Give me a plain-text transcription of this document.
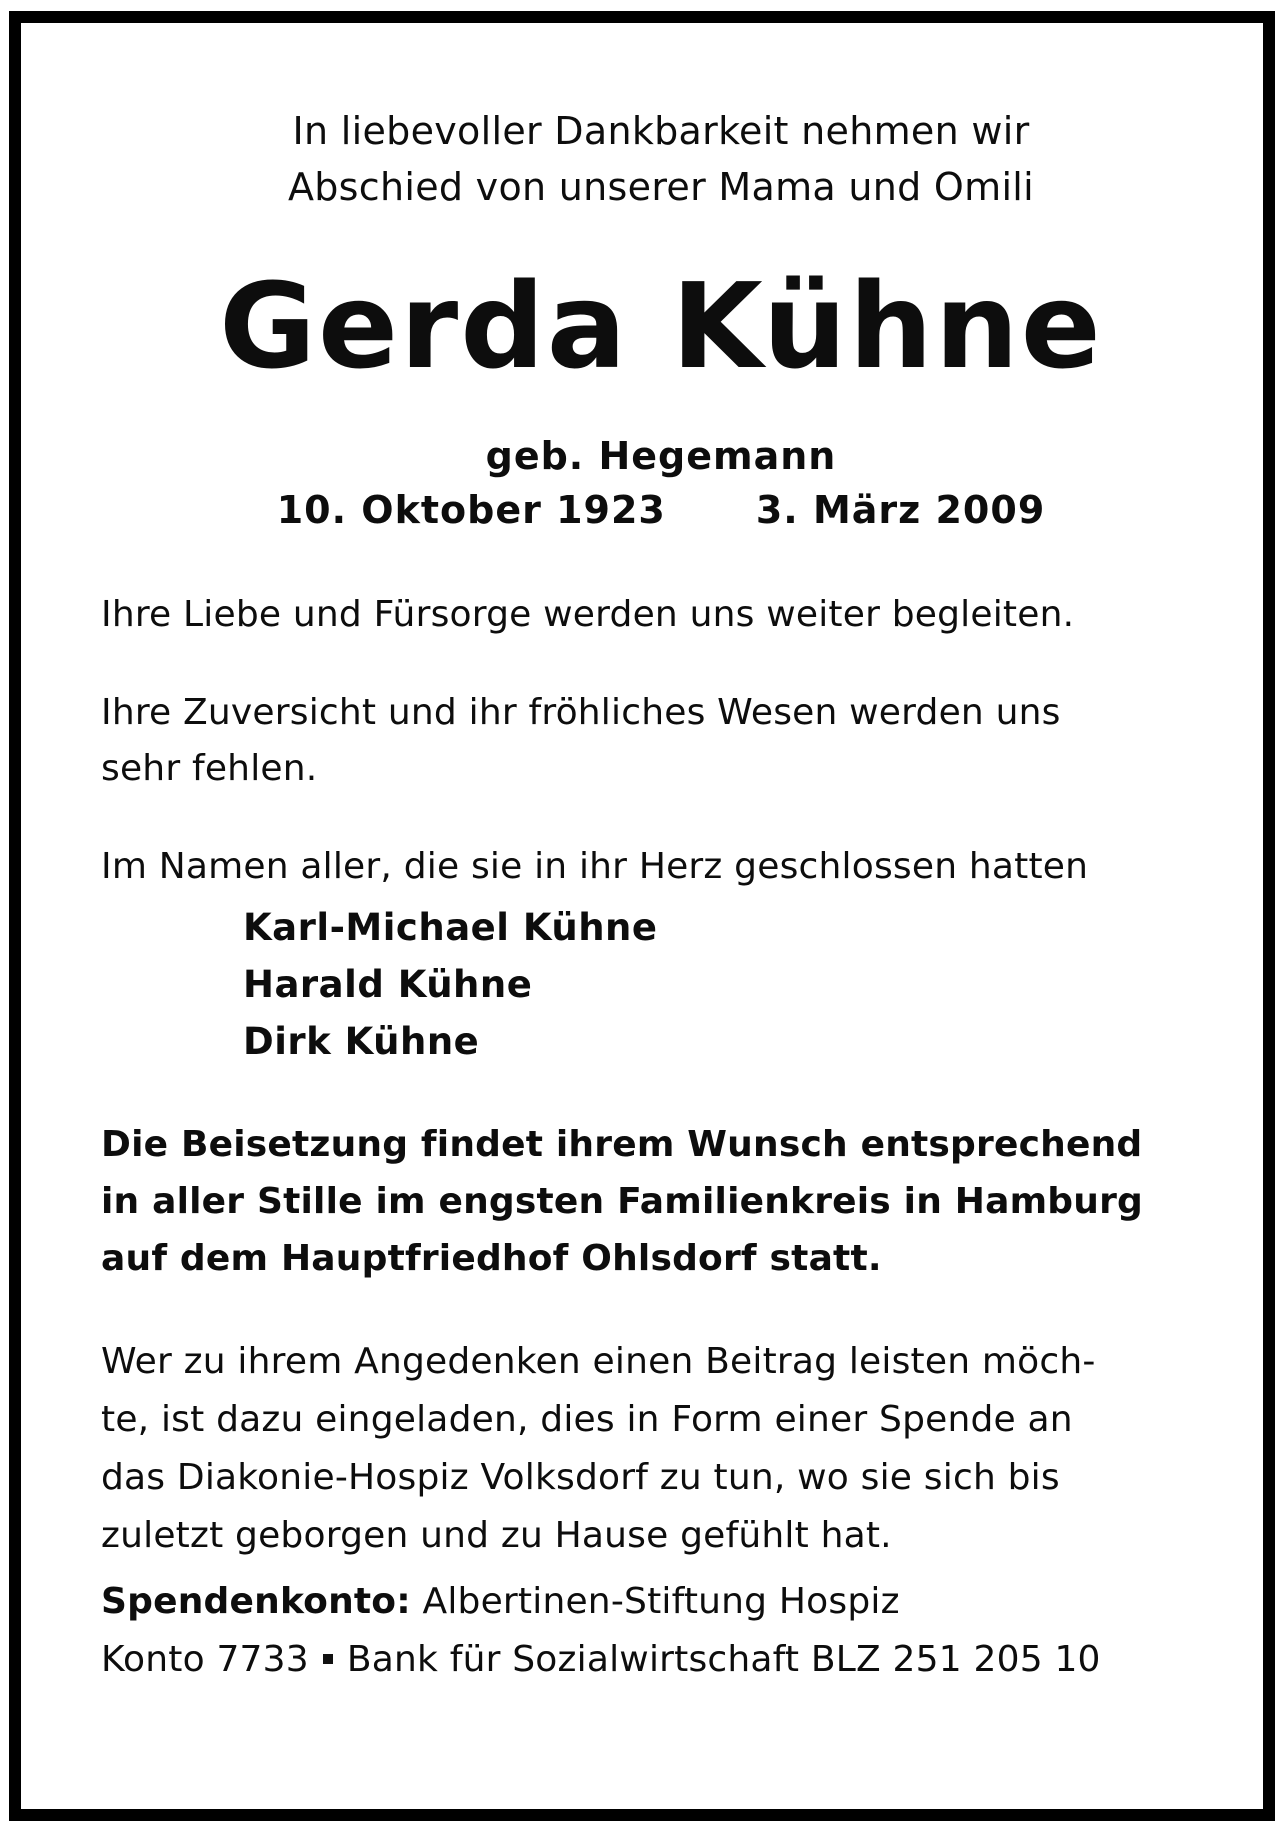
In liebevoller Dankbarkeit nehmen wir
Abschied von unserer Mama und Omili
Gerda Kühne
geb. Hegemann
10. Oktober 1923 3. März 2009
Ihre Liebe und Fürsorge werden uns weiter begleiten.
Ihre Zuversicht und ihr fröhliches Wesen werden uns
sehr fehlen.
Im Namen aller, die sie in ihr Herz geschlossen hatten
Karl-Michael Kühne
Harald Kühne
Dirk Kühne
Die Beisetzung findet ihrem Wunsch entsprechend
in aller Stille im engsten Familienkreis in Hamburg
auf dem Hauptfriedhof Ohlsdorf statt.
Wer zu ihrem Angedenken einen Beitrag leisten möch-
te, ist dazu eingeladen, dies in Form einer Spende an
das Diakonie-Hospiz Volksdorf zu tun, wo sie sich bis
zuletzt geborgen und zu Hause gefühlt hat.
Spendenkonto: Albertinen-Stiftung Hospiz
Konto 7733 Bank für Sozialwirtschaft BLZ 251 205 10
